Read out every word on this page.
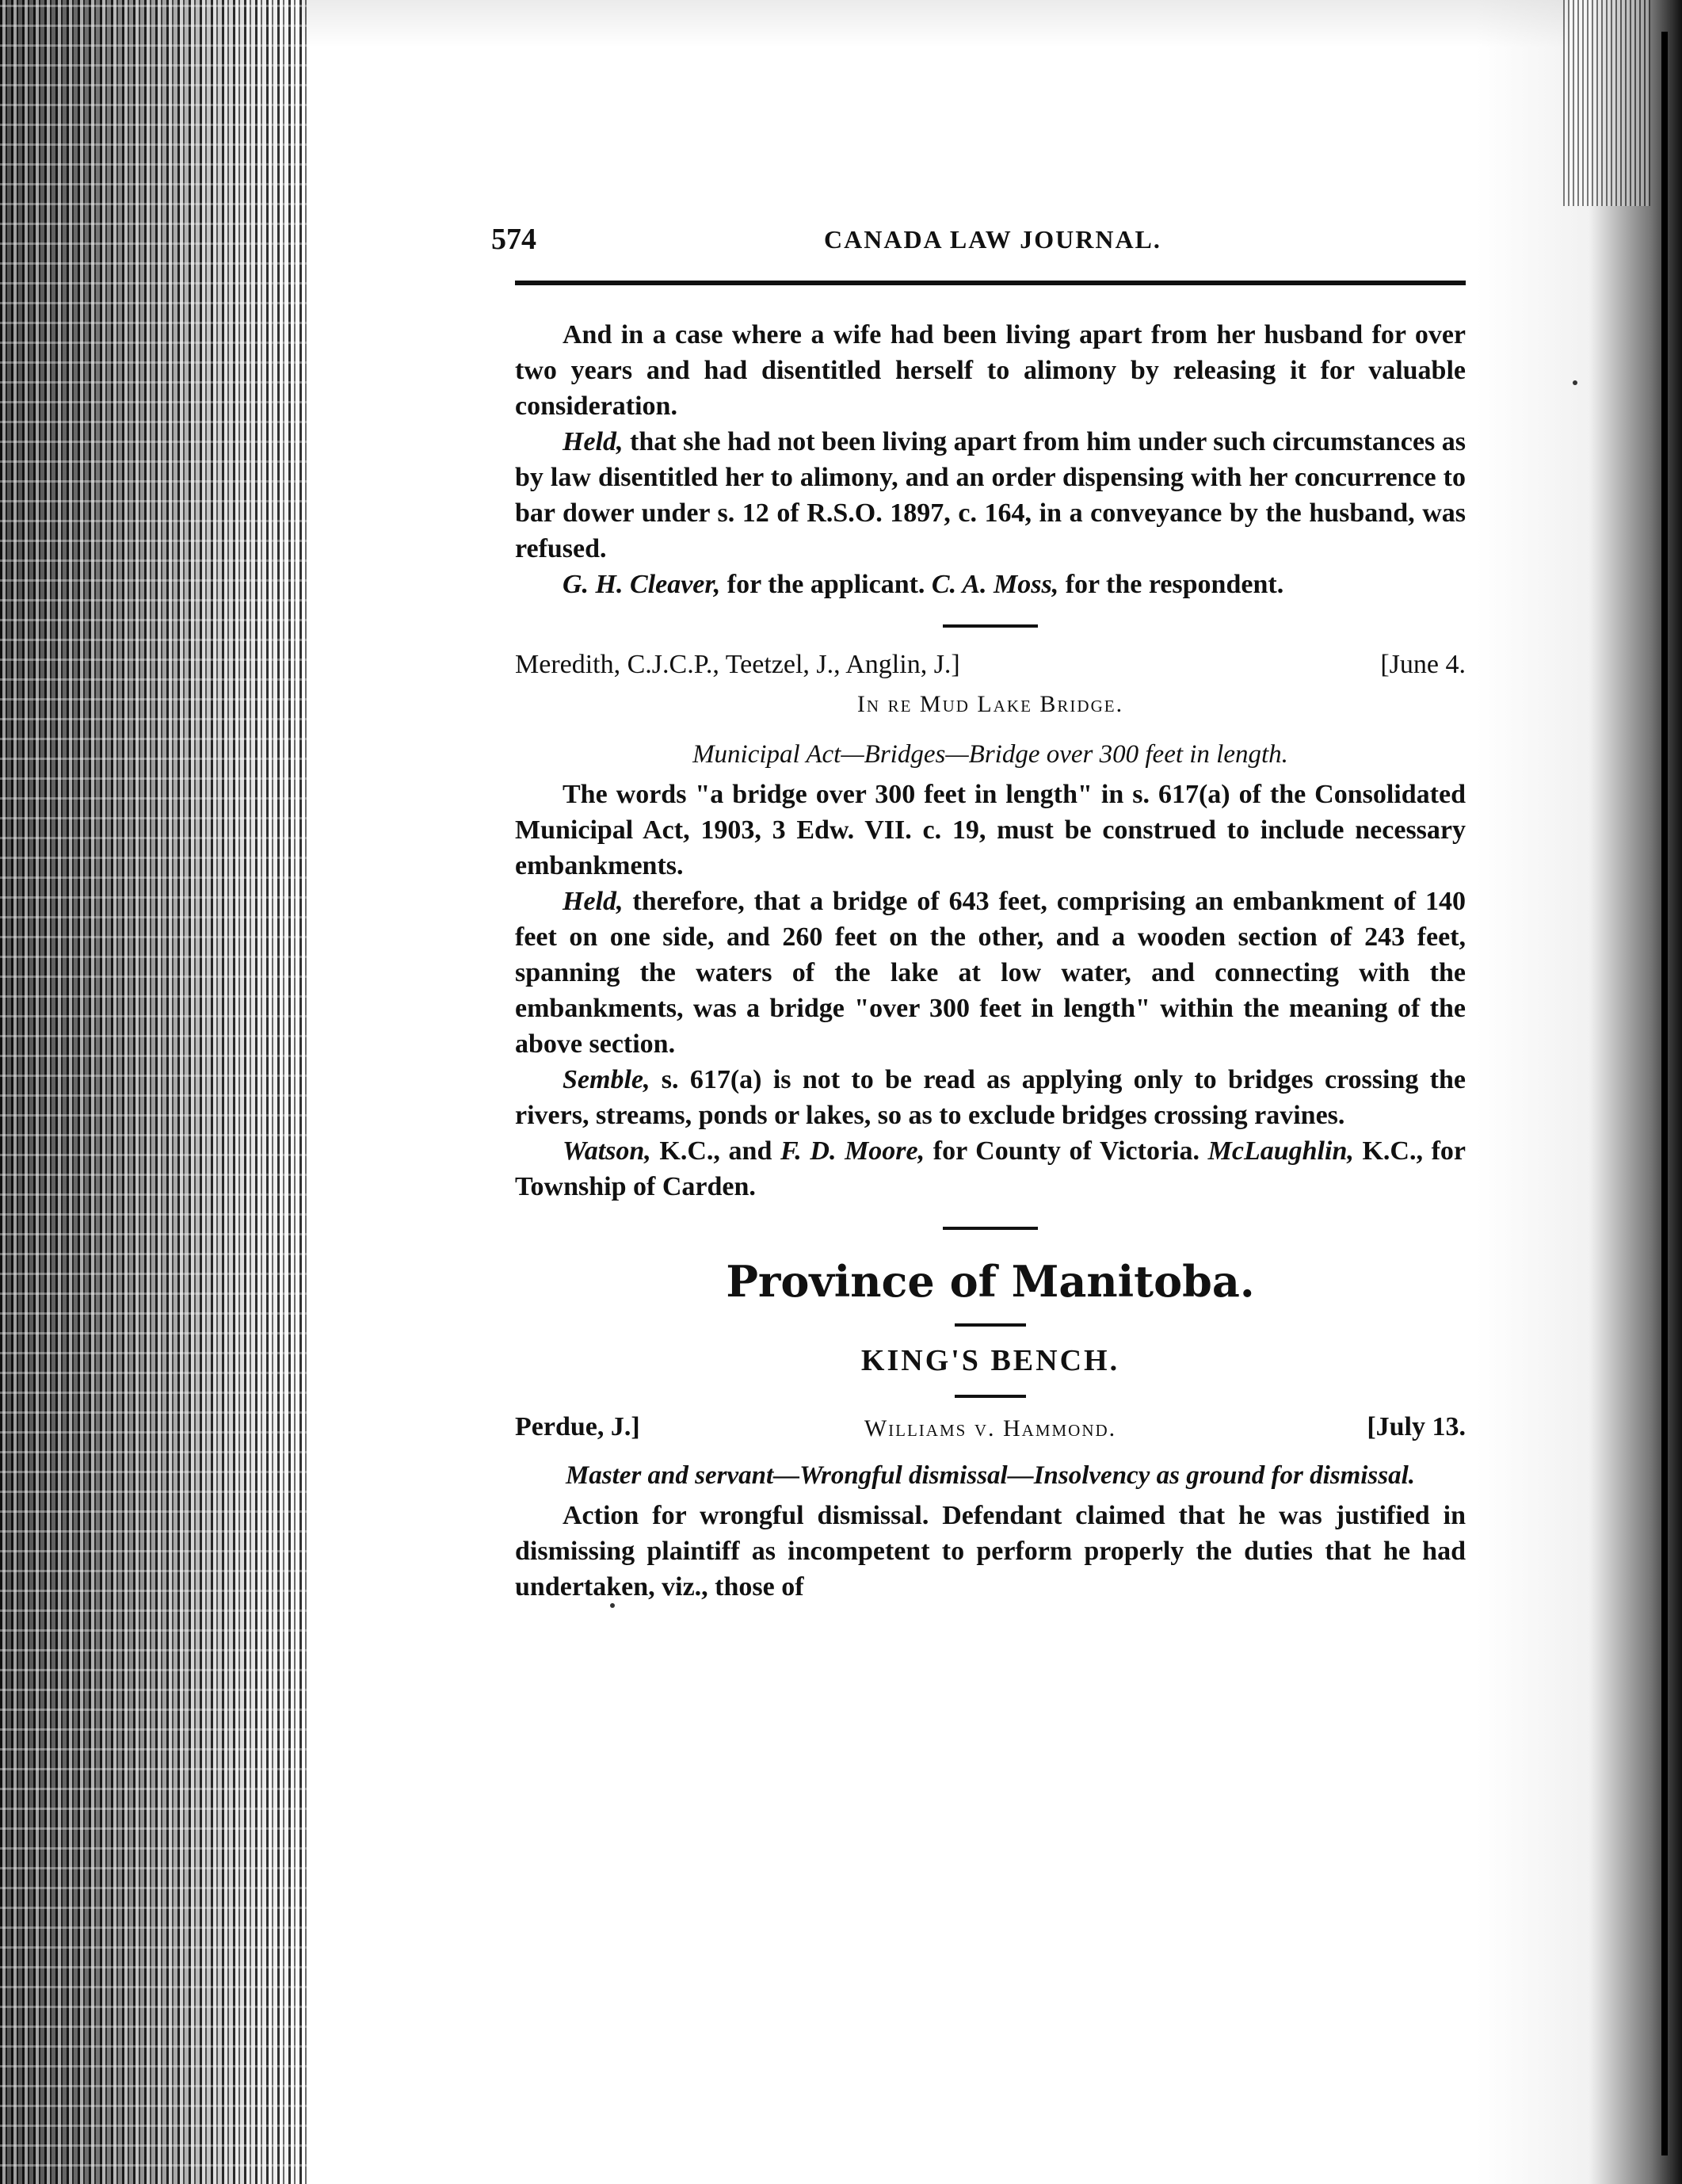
574	CANADA LAW JOURNAL.

And in a case where a wife had been living apart from her husband for over two years and had disentitled herself to alimony by releasing it for valuable consideration.

Held, that she had not been living apart from him under such circumstances as by law disentitled her to alimony, and an order dispensing with her concurrence to bar dower under s. 12 of R.S.O. 1897, c. 164, in a conveyance by the husband, was refused.

G. H. Cleaver, for the applicant. C. A. Moss, for the respondent.

Meredith, C.J.C.P., Teetzel, J., Anglin, J.]	[June 4.
In re Mud Lake Bridge.
Municipal Act—Bridges—Bridge over 300 feet in length.

The words "a bridge over 300 feet in length" in s. 617(a) of the Consolidated Municipal Act, 1903, 3 Edw. VII. c. 19, must be construed to include necessary embankments.

Held, therefore, that a bridge of 643 feet, comprising an embankment of 140 feet on one side, and 260 feet on the other, and a wooden section of 243 feet, spanning the waters of the lake at low water, and connecting with the embankments, was a bridge "over 300 feet in length" within the meaning of the above section.

Semble, s. 617(a) is not to be read as applying only to bridges crossing the rivers, streams, ponds or lakes, so as to exclude bridges crossing ravines.

Watson, K.C., and F. D. Moore, for County of Victoria. McLaughlin, K.C., for Township of Carden.

Province of Manitoba.
KING'S BENCH.
Perdue, J.]	Williams v. Hammond.	[July 13.
Master and servant—Wrongful dismissal—Insolvency as ground for dismissal.

Action for wrongful dismissal. Defendant claimed that he was justified in dismissing plaintiff as incompetent to perform properly the duties that he had undertaken, viz., those of
